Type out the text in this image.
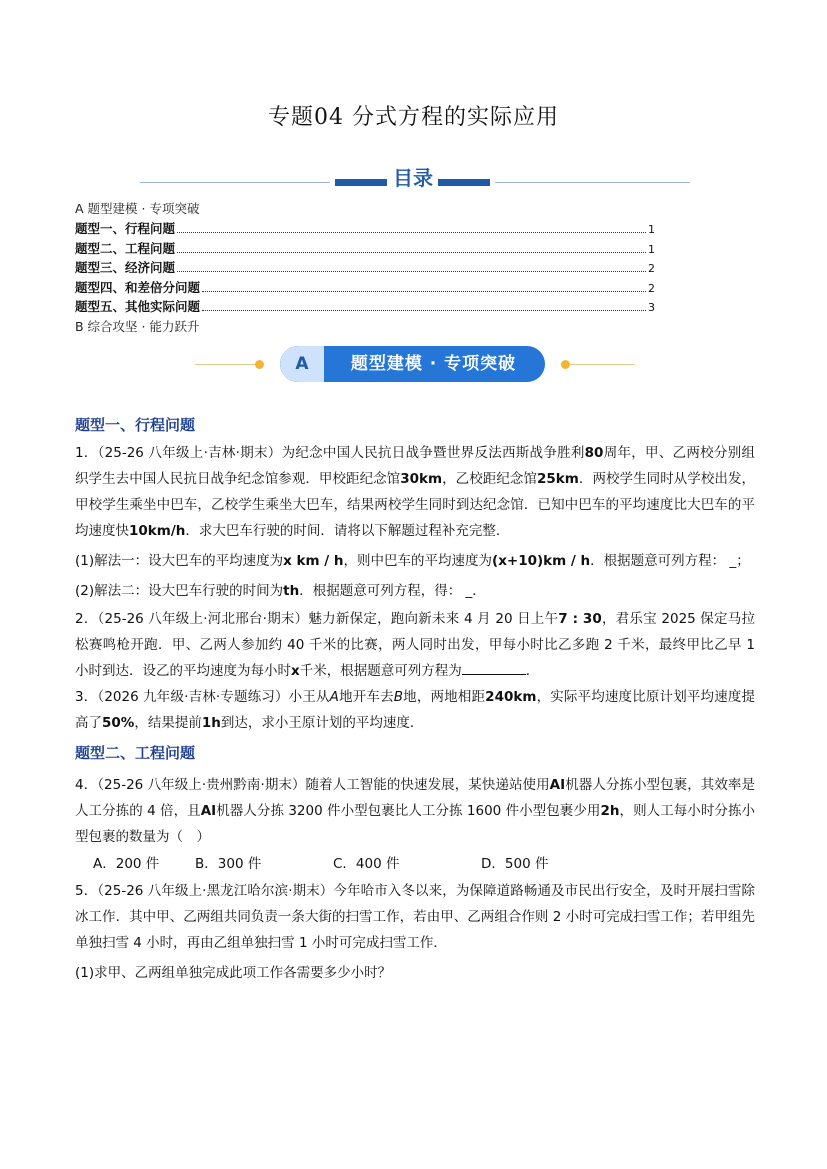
专题04 分式方程的实际应用
目录
A 题型建模 · 专项突破
题型一、行程问题	1
题型二、工程问题	1
题型三、经济问题	2
题型四、和差倍分问题	2
题型五、其他实际问题	3
B 综合攻坚 · 能力跃升
A	题型建模 · 专项突破
题型一、行程问题
1．（25-26 八年级上·吉林·期末）为纪念中国人民抗日战争暨世界反法西斯战争胜利80周年，甲、乙两校分别组织学生去中国人民抗日战争纪念馆参观．甲校距纪念馆30km，乙校距纪念馆25km．两校学生同时从学校出发，甲校学生乘坐中巴车，乙校学生乘坐大巴车，结果两校学生同时到达纪念馆．已知中巴车的平均速度比大巴车的平均速度快10km/h．求大巴车行驶的时间．请将以下解题过程补充完整．
(1)解法一：设大巴车的平均速度为x km / h，则中巴车的平均速度为(x+10)km / h．根据题意可列方程： _；
(2)解法二：设大巴车行驶的时间为th．根据题意可列方程，得： _．
2．（25-26 八年级上·河北邢台·期末）魅力新保定，跑向新未来 4 月 20 日上午7 : 30，君乐宝 2025 保定马拉松赛鸣枪开跑．甲、乙两人参加约 40 千米的比赛，两人同时出发，甲每小时比乙多跑 2 千米，最终甲比乙早 1 小时到达．设乙的平均速度为每小时x千米，根据题意可列方程为	．
3．（2026 九年级·吉林·专题练习）小王从A地开车去B地，两地相距240km，实际平均速度比原计划平均速度提高了50%，结果提前1h到达，求小王原计划的平均速度．
题型二、工程问题
4．（25-26 八年级上·贵州黔南·期末）随着人工智能的快速发展，某快递站使用AI机器人分拣小型包裹，其效率是人工分拣的 4 倍，且AI机器人分拣 3200 件小型包裹比人工分拣 1600 件小型包裹少用2h，则人工每小时分拣小型包裹的数量为（　）
A．200 件	B．300 件	C．400 件	D．500 件
5．（25-26 八年级上·黑龙江哈尔滨·期末）今年哈市入冬以来，为保障道路畅通及市民出行安全，及时开展扫雪除冰工作．其中甲、乙两组共同负责一条大街的扫雪工作，若由甲、乙两组合作则 2 小时可完成扫雪工作；若甲组先单独扫雪 4 小时，再由乙组单独扫雪 1 小时可完成扫雪工作．
(1)求甲、乙两组单独完成此项工作各需要多少小时？
